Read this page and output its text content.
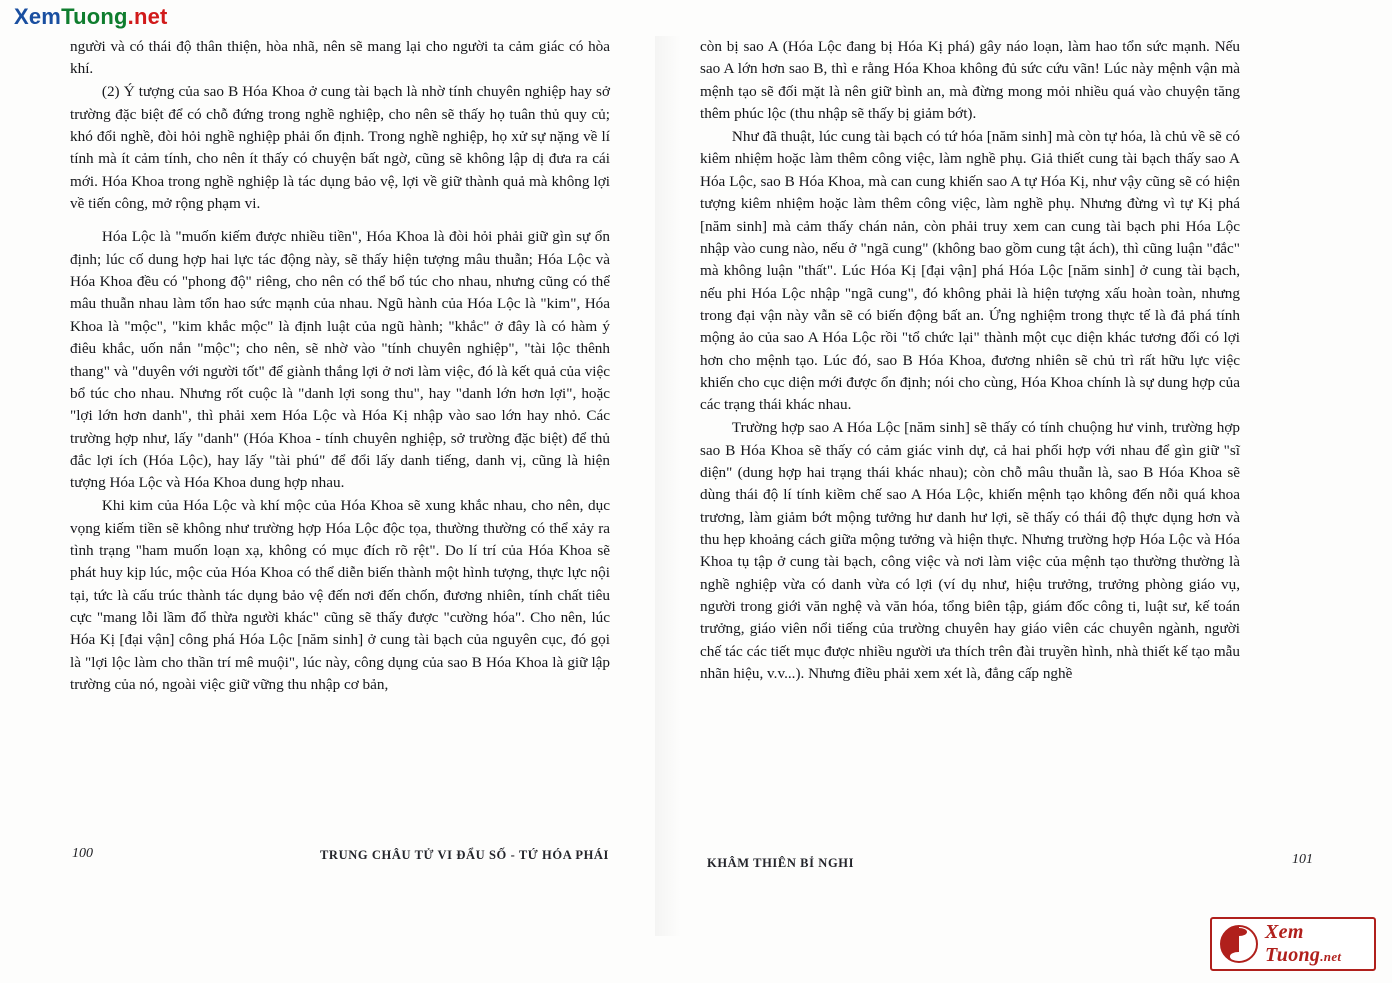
XemTuong.net

người và có thái độ thân thiện, hòa nhã, nên sẽ mang lại cho người ta cảm giác có hòa khí.

(2) Ý tượng của sao B Hóa Khoa ở cung tài bạch là nhờ tính chuyên nghiệp hay sở trường đặc biệt để có chỗ đứng trong nghề nghiệp, cho nên sẽ thấy họ tuân thủ quy củ; khó đổi nghề, đòi hỏi nghề nghiệp phải ổn định. Trong nghề nghiệp, họ xử sự nặng về lí tính mà ít cảm tính, cho nên ít thấy có chuyện bất ngờ, cũng sẽ không lập dị đưa ra cái mới. Hóa Khoa trong nghề nghiệp là tác dụng bảo vệ, lợi về giữ thành quả mà không lợi về tiến công, mở rộng phạm vi.

Hóa Lộc là "muốn kiếm được nhiều tiền", Hóa Khoa là đòi hỏi phải giữ gìn sự ổn định; lúc cố dung hợp hai lực tác động này, sẽ thấy hiện tượng mâu thuẫn; Hóa Lộc và Hóa Khoa đều có "phong độ" riêng, cho nên có thể bổ túc cho nhau, nhưng cũng có thể mâu thuẫn nhau làm tổn hao sức mạnh của nhau. Ngũ hành của Hóa Lộc là "kim", Hóa Khoa là "mộc", "kim khắc mộc" là định luật của ngũ hành; "khắc" ở đây là có hàm ý điêu khắc, uốn nắn "mộc"; cho nên, sẽ nhờ vào "tính chuyên nghiệp", "tài lộc thênh thang" và "duyên với người tốt" để giành thắng lợi ở nơi làm việc, đó là kết quả của việc bổ túc cho nhau. Nhưng rốt cuộc là "danh lợi song thu", hay "danh lớn hơn lợi", hoặc "lợi lớn hơn danh", thì phải xem Hóa Lộc và Hóa Kị nhập vào sao lớn hay nhỏ. Các trường hợp như, lấy "danh" (Hóa Khoa - tính chuyên nghiệp, sở trường đặc biệt) để thủ đắc lợi ích (Hóa Lộc), hay lấy "tài phú" để đổi lấy danh tiếng, danh vị, cũng là hiện tượng Hóa Lộc và Hóa Khoa dung hợp nhau.

Khi kim của Hóa Lộc và khí mộc của Hóa Khoa sẽ xung khắc nhau, cho nên, dục vọng kiếm tiền sẽ không như trường hợp Hóa Lộc độc tọa, thường thường có thể xảy ra tình trạng "ham muốn loạn xạ, không có mục đích rõ rệt". Do lí trí của Hóa Khoa sẽ phát huy kịp lúc, mộc của Hóa Khoa có thể diễn biến thành một hình tượng, thực lực nội tại, tức là cấu trúc thành tác dụng bảo vệ đến nơi đến chốn, đương nhiên, tính chất tiêu cực "mang lỗi lầm đổ thừa người khác" cũng sẽ thấy được "cường hóa". Cho nên, lúc Hóa Kị [đại vận] công phá Hóa Lộc [năm sinh] ở cung tài bạch của nguyên cục, đó gọi là "lợi lộc làm cho thần trí mê muội", lúc này, công dụng của sao B Hóa Khoa là giữ lập trường của nó, ngoài việc giữ vững thu nhập cơ bản,

còn bị sao A (Hóa Lộc đang bị Hóa Kị phá) gây náo loạn, làm hao tổn sức mạnh. Nếu sao A lớn hơn sao B, thì e rằng Hóa Khoa không đủ sức cứu vãn! Lúc này mệnh vận mà mệnh tạo sẽ đối mặt là nên giữ bình an, mà đừng mong mỏi nhiều quá vào chuyện tăng thêm phúc lộc (thu nhập sẽ thấy bị giảm bớt).

Như đã thuật, lúc cung tài bạch có tứ hóa [năm sinh] mà còn tự hóa, là chủ về sẽ có kiêm nhiệm hoặc làm thêm công việc, làm nghề phụ. Giả thiết cung tài bạch thấy sao A Hóa Lộc, sao B Hóa Khoa, mà can cung khiến sao A tự Hóa Kị, như vậy cũng sẽ có hiện tượng kiêm nhiệm hoặc làm thêm công việc, làm nghề phụ. Nhưng đừng vì tự Kị phá [năm sinh] mà cảm thấy chán nản, còn phải truy xem can cung tài bạch phi Hóa Lộc nhập vào cung nào, nếu ở "ngã cung" (không bao gồm cung tật ách), thì cũng luận "đắc" mà không luận "thất". Lúc Hóa Kị [đại vận] phá Hóa Lộc [năm sinh] ở cung tài bạch, nếu phi Hóa Lộc nhập "ngã cung", đó không phải là hiện tượng xấu hoàn toàn, nhưng trong đại vận này vẫn sẽ có biến động bất an. Ứng nghiệm trong thực tế là đả phá tính mộng ảo của sao A Hóa Lộc rồi "tổ chức lại" thành một cục diện khác tương đối có lợi hơn cho mệnh tạo. Lúc đó, sao B Hóa Khoa, đương nhiên sẽ chủ trì rất hữu lực việc khiến cho cục diện mới được ổn định; nói cho cùng, Hóa Khoa chính là sự dung hợp của các trạng thái khác nhau.

Trường hợp sao A Hóa Lộc [năm sinh] sẽ thấy có tính chuộng hư vinh, trường hợp sao B Hóa Khoa sẽ thấy có cảm giác vinh dự, cả hai phối hợp với nhau để gìn giữ "sĩ diện" (dung hợp hai trạng thái khác nhau); còn chỗ mâu thuẫn là, sao B Hóa Khoa sẽ dùng thái độ lí tính kiềm chế sao A Hóa Lộc, khiến mệnh tạo không đến nỗi quá khoa trương, làm giảm bớt mộng tưởng hư danh hư lợi, sẽ thấy có thái độ thực dụng hơn và thu hẹp khoảng cách giữa mộng tưởng và hiện thực. Nhưng trường hợp Hóa Lộc và Hóa Khoa tụ tập ở cung tài bạch, công việc và nơi làm việc của mệnh tạo thường thường là nghề nghiệp vừa có danh vừa có lợi (ví dụ như, hiệu trưởng, trưởng phòng giáo vụ, người trong giới văn nghệ và văn hóa, tổng biên tập, giám đốc công ti, luật sư, kế toán trưởng, giáo viên nổi tiếng của trường chuyên hay giáo viên các chuyên ngành, người chế tác các tiết mục được nhiều người ưa thích trên đài truyền hình, nhà thiết kế tạo mẫu nhãn hiệu, v.v...). Nhưng điều phải xem xét là, đẳng cấp nghề

100	TRUNG CHÂU TỬ VI ĐẨU SỐ - TỨ HÓA PHÁI
KHÂM THIÊN BỈ NGHI	101
Xem Tuong.net
